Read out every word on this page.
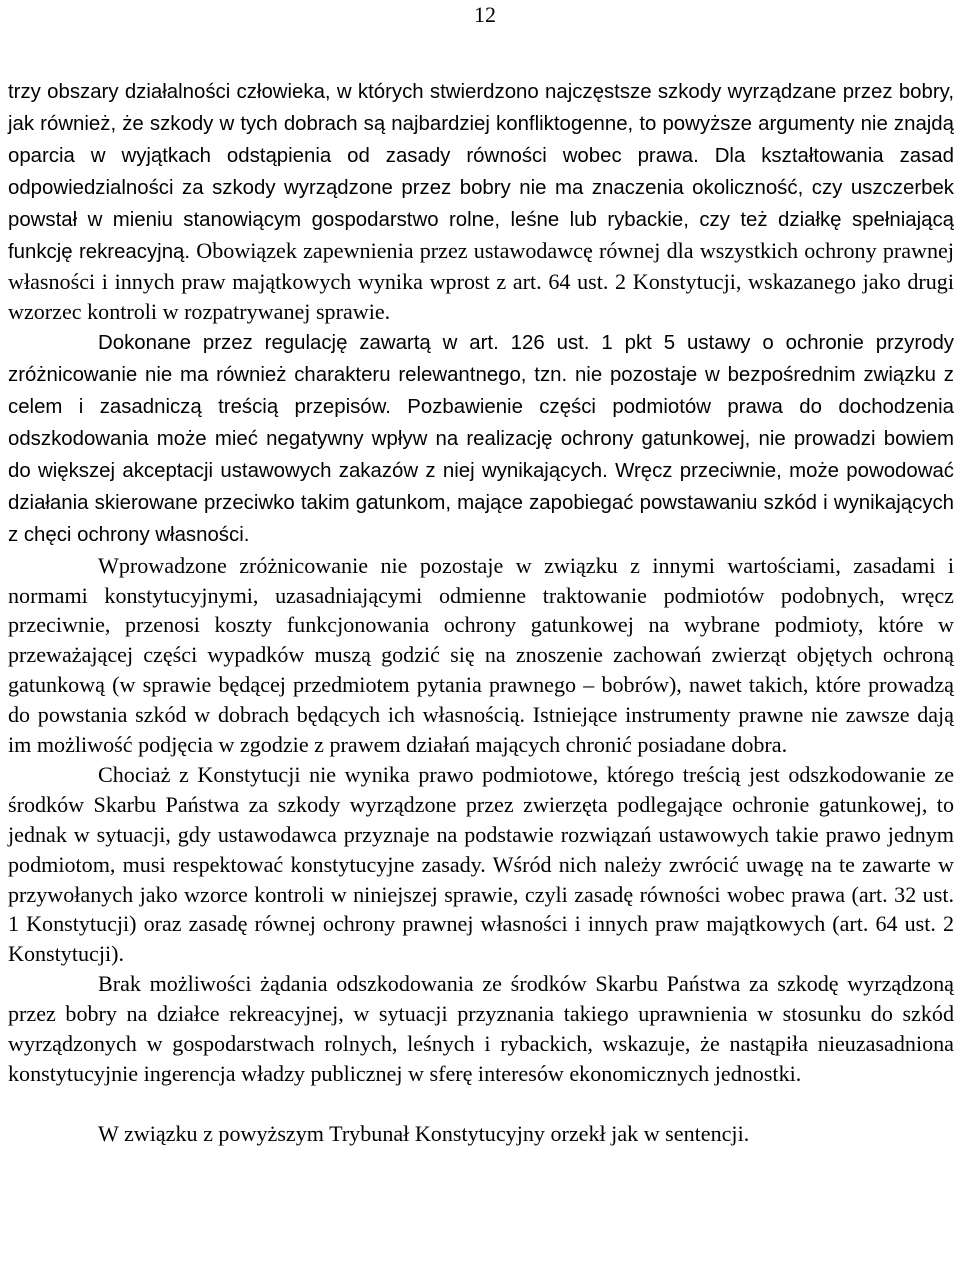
12

trzy obszary działalności człowieka, w których stwierdzono najczęstsze szkody wyrządzane przez bobry, jak również, że szkody w tych dobrach są najbardziej konfliktogenne, to powyższe argumenty nie znajdą oparcia w wyjątkach odstąpienia od zasady równości wobec prawa. Dla kształtowania zasad odpowiedzialności za szkody wyrządzone przez bobry nie ma znaczenia okoliczność, czy uszczerbek powstał w mieniu stanowiącym gospodarstwo rolne, leśne lub rybackie, czy też działkę spełniającą funkcję rekreacyjną. Obowiązek zapewnienia przez ustawodawcę równej dla wszystkich ochrony prawnej własności i innych praw majątkowych wynika wprost z art. 64 ust. 2 Konstytucji, wskazanego jako drugi wzorzec kontroli w rozpatrywanej sprawie.

Dokonane przez regulację zawartą w art. 126 ust. 1 pkt 5 ustawy o ochronie przyrody zróżnicowanie nie ma również charakteru relewantnego, tzn. nie pozostaje w bezpośrednim związku z celem i zasadniczą treścią przepisów. Pozbawienie części podmiotów prawa do dochodzenia odszkodowania może mieć negatywny wpływ na realizację ochrony gatunkowej, nie prowadzi bowiem do większej akceptacji ustawowych zakazów z niej wynikających. Wręcz przeciwnie, może powodować działania skierowane przeciwko takim gatunkom, mające zapobiegać powstawaniu szkód i wynikających z chęci ochrony własności.

Wprowadzone zróżnicowanie nie pozostaje w związku z innymi wartościami, zasadami i normami konstytucyjnymi, uzasadniającymi odmienne traktowanie podmiotów podobnych, wręcz przeciwnie, przenosi koszty funkcjonowania ochrony gatunkowej na wybrane podmioty, które w przeważającej części wypadków muszą godzić się na znoszenie zachowań zwierząt objętych ochroną gatunkową (w sprawie będącej przedmiotem pytania prawnego – bobrów), nawet takich, które prowadzą do powstania szkód w dobrach będących ich własnością. Istniejące instrumenty prawne nie zawsze dają im możliwość podjęcia w zgodzie z prawem działań mających chronić posiadane dobra.

Chociaż z Konstytucji nie wynika prawo podmiotowe, którego treścią jest odszkodowanie ze środków Skarbu Państwa za szkody wyrządzone przez zwierzęta podlegające ochronie gatunkowej, to jednak w sytuacji, gdy ustawodawca przyznaje na podstawie rozwiązań ustawowych takie prawo jednym podmiotom, musi respektować konstytucyjne zasady. Wśród nich należy zwrócić uwagę na te zawarte w przywołanych jako wzorce kontroli w niniejszej sprawie, czyli zasadę równości wobec prawa (art. 32 ust. 1 Konstytucji) oraz zasadę równej ochrony prawnej własności i innych praw majątkowych (art. 64 ust. 2 Konstytucji).

Brak możliwości żądania odszkodowania ze środków Skarbu Państwa za szkodę wyrządzoną przez bobry na działce rekreacyjnej, w sytuacji przyznania takiego uprawnienia w stosunku do szkód wyrządzonych w gospodarstwach rolnych, leśnych i rybackich, wskazuje, że nastąpiła nieuzasadniona konstytucyjnie ingerencja władzy publicznej w sferę interesów ekonomicznych jednostki.

W związku z powyższym Trybunał Konstytucyjny orzekł jak w sentencji.
